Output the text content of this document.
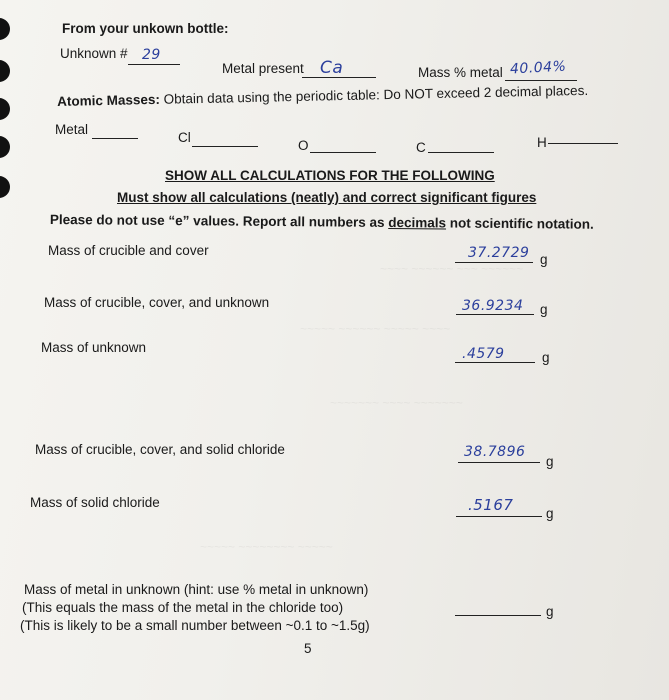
~~~~ ~~~~~~ ~~~ ~~~~~~
~~~~~ ~~~~~~ ~~~~~ ~~~~
~~~~~~~ ~~~~ ~~~~~~~
~~~~~ ~~~~~~~~ ~~~~~
From your unkown bottle:
Unknown # 29
Metal present Ca	Mass % metal 40.04%
Atomic Masses: Obtain data using the periodic table: Do NOT exceed 2 decimal places.
Metal
Cl
O	C	H
SHOW ALL CALCULATIONS FOR THE FOLLOWING
Must show all calculations (neatly) and correct significant figures
Please do not use “e” values. Report all numbers as decimals not scientific notation.
Mass of crucible and cover	37.2729 g
Mass of crucible, cover, and unknown	36.9234 g
Mass of unknown	.4579	g
Mass of crucible, cover, and solid chloride	38.7896
g
Mass of solid chloride	.5167 g
Mass of metal in unknown (hint: use % metal in unknown)
(This equals the mass of the metal in the chloride too)
(This is likely to be a small number between ~0.1 to ~1.5g)
g
5
